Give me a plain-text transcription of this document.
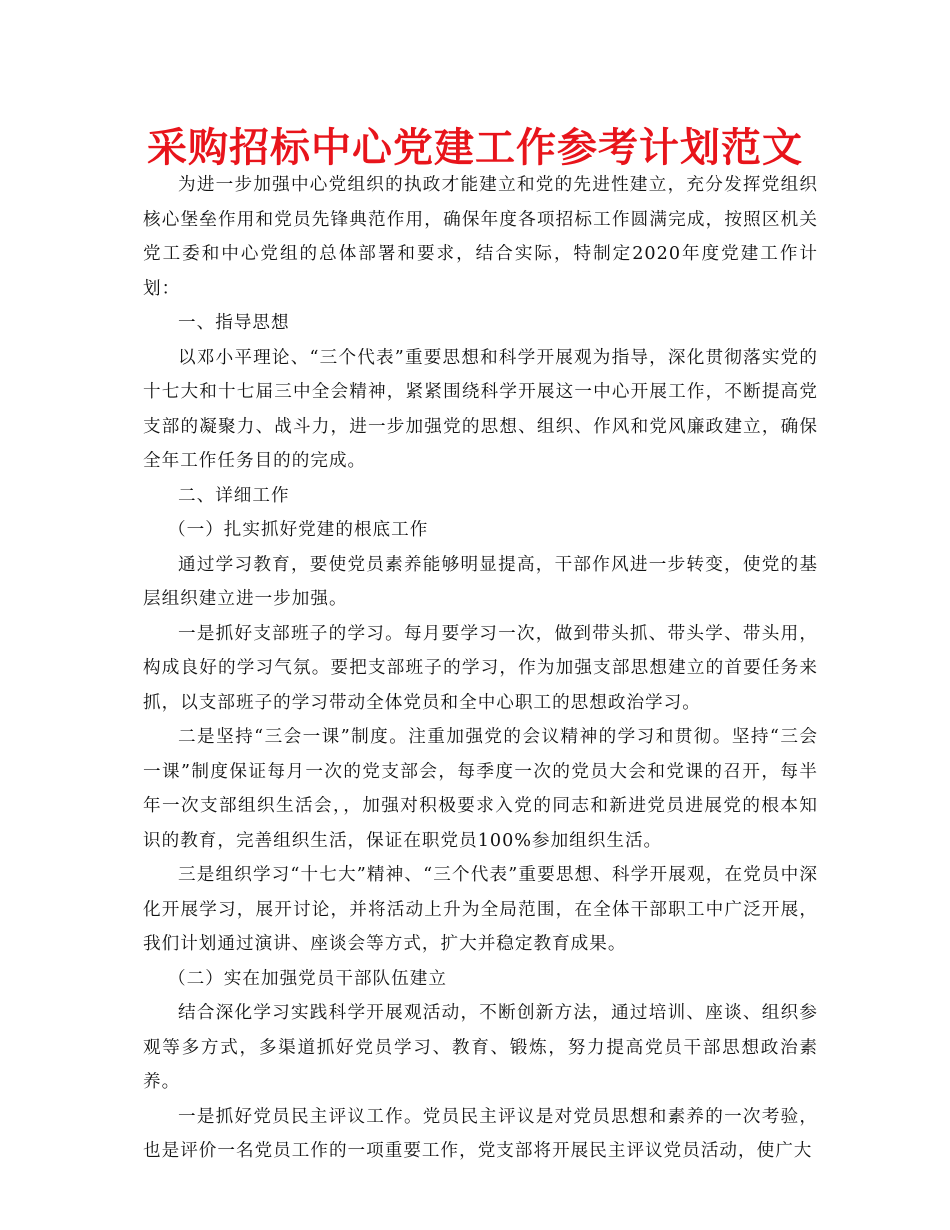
采购招标中心党建工作参考计划范文

为进一步加强中心党组织的执政才能建立和党的先进性建立，充分发挥党组织核心堡垒作用和党员先锋典范作用，确保年度各项招标工作圆满完成，按照区机关党工委和中心党组的总体部署和要求，结合实际，特制定2020年度党建工作计划：

一、指导思想

以邓小平理论、“三个代表”重要思想和科学开展观为指导，深化贯彻落实党的十七大和十七届三中全会精神，紧紧围绕科学开展这一中心开展工作，不断提高党支部的凝聚力、战斗力，进一步加强党的思想、组织、作风和党风廉政建立，确保全年工作任务目的的完成。

二、详细工作

（一）扎实抓好党建的根底工作

通过学习教育，要使党员素养能够明显提高，干部作风进一步转变，使党的基层组织建立进一步加强。

一是抓好支部班子的学习。每月要学习一次，做到带头抓、带头学、带头用，构成良好的学习气氛。要把支部班子的学习，作为加强支部思想建立的首要任务来抓，以支部班子的学习带动全体党员和全中心职工的思想政治学习。

二是坚持“三会一课”制度。注重加强党的会议精神的学习和贯彻。坚持“三会一课”制度保证每月一次的党支部会，每季度一次的党员大会和党课的召开，每半年一次支部组织生活会，，加强对积极要求入党的同志和新进党员进展党的根本知识的教育，完善组织生活，保证在职党员100%参加组织生活。

三是组织学习“十七大”精神、“三个代表”重要思想、科学开展观，在党员中深化开展学习，展开讨论，并将活动上升为全局范围，在全体干部职工中广泛开展，我们计划通过演讲、座谈会等方式，扩大并稳定教育成果。

（二）实在加强党员干部队伍建立

结合深化学习实践科学开展观活动，不断创新方法，通过培训、座谈、组织参观等多方式，多渠道抓好党员学习、教育、锻炼，努力提高党员干部思想政治素养。

一是抓好党员民主评议工作。党员民主评议是对党员思想和素养的一次考验，也是评价一名党员工作的一项重要工作，党支部将开展民主评议党员活动，使广大
